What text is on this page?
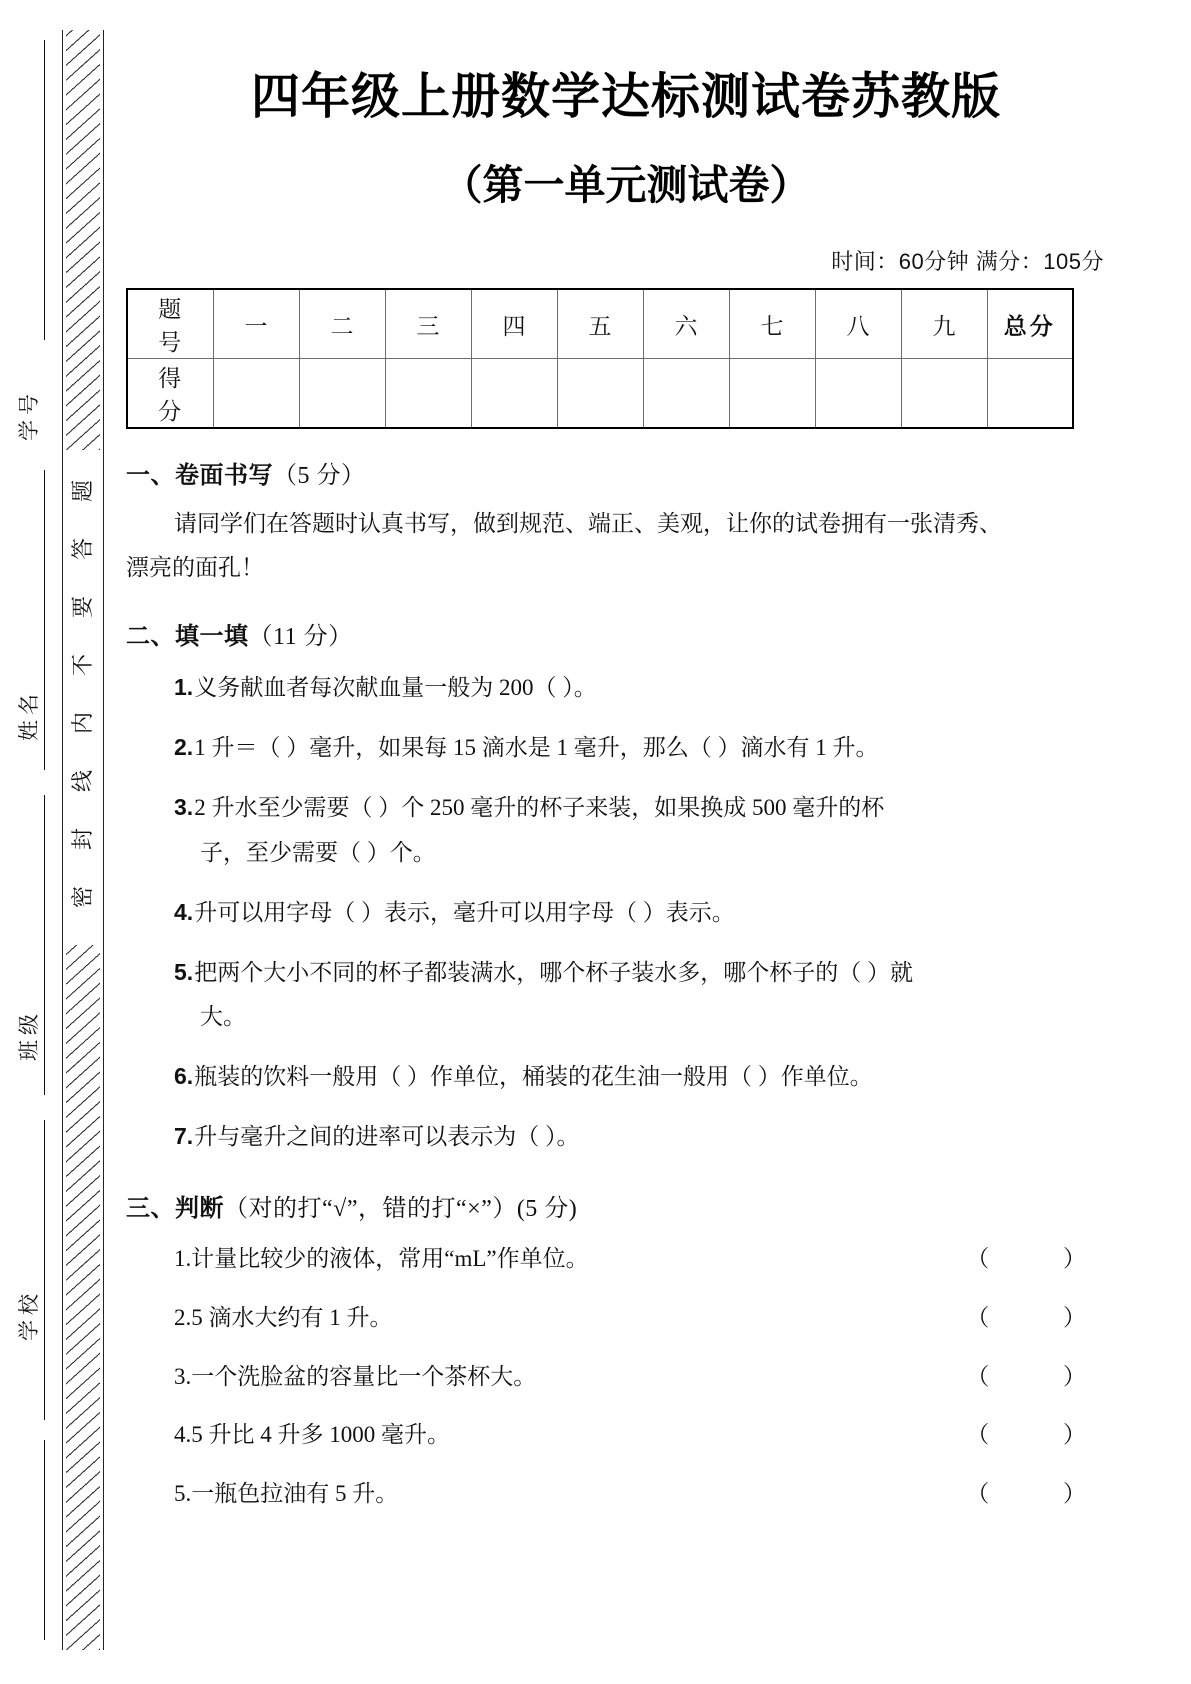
学号
姓名
班级
学校
题
答
要
不
内
线
封
密
四年级上册数学达标测试卷苏教版
（第一单元测试卷）
时间：60分钟 满分：105分
题 号	一	二	三	四	五	六	七	八	九	总分
得 分										
一、卷面书写（5 分）
请同学们在答题时认真书写，做到规范、端正、美观，让你的试卷拥有一张清秀、
漂亮的面孔！
二、填一填（11 分）
1.义务献血者每次献血量一般为 200（ ）。
2.1 升＝（ ）毫升，如果每 15 滴水是 1 毫升，那么（ ）滴水有 1 升。
3.2 升水至少需要（ ）个 250 毫升的杯子来装，如果换成 500 毫升的杯
子，至少需要（ ）个。
4.升可以用字母（ ）表示，毫升可以用字母（ ）表示。
5.把两个大小不同的杯子都装满水，哪个杯子装水多，哪个杯子的（ ）就
大。
6.瓶装的饮料一般用（ ）作单位，桶装的花生油一般用（ ）作单位。
7.升与毫升之间的进率可以表示为（ ）。
三、判断（对的打“√”，错的打“×”）(5 分)
1.计量比较少的液体，常用“mL”作单位。	（ ）
2.5 滴水大约有 1 升。	（ ）
3.一个洗脸盆的容量比一个茶杯大。	（ ）
4.5 升比 4 升多 1000 毫升。	（ ）
5.一瓶色拉油有 5 升。	（ ）
